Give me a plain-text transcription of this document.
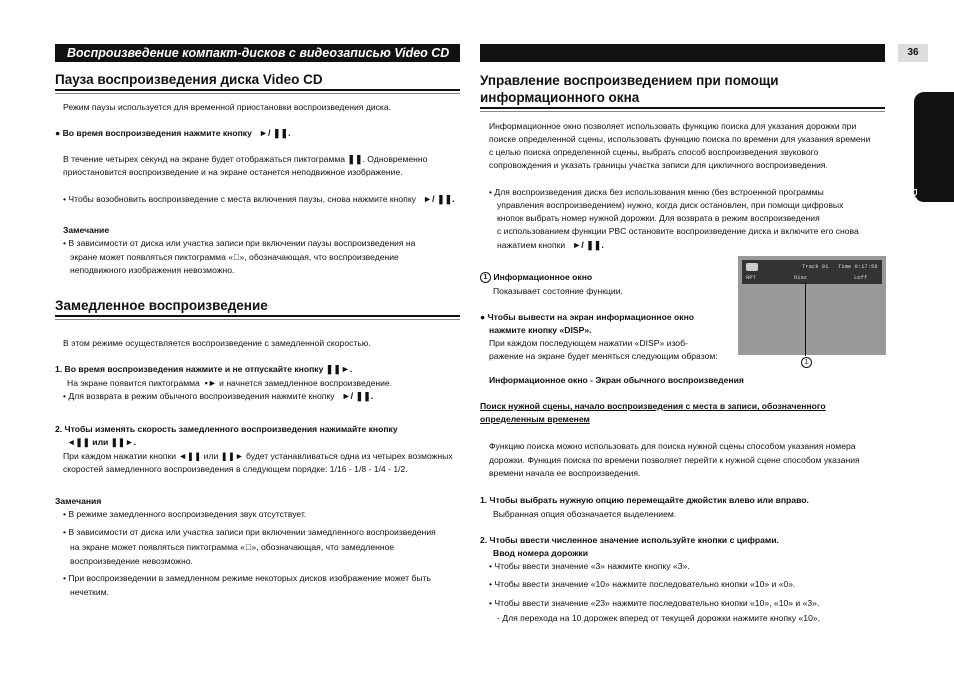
Воспроизведение компакт-дисков с видеозаписью Video CD	36
РУССКИЙ
Пауза воспроизведения диска Video CD
Режим паузы используется для временной приостановки воспроизведения диска.
● Во время воспроизведения нажмите кнопку ►/ ❚❚.
В течение четырех секунд на экране будет отображаться пиктограмма ❚❚. Одновременно
приостановится воспроизведение и на экране останется неподвижное изображение.
• Чтобы возобновить воспроизведение с места включения паузы, снова нажмите кнопку ►/ ❚❚.
Замечание
• В зависимости от диска или участка записи при включении паузы воспроизведения на
экране может появляться пиктограмма «⃠», обозначающая, что воспроизведение
неподвижного изображения невозможно.
Замедленное воспроизведение
В этом режиме осуществляется воспроизведение с замедленной скоростью.
1. Во время воспроизведения нажмите и не отпускайте кнопку ❚❚►.
На экране появится пиктограмма ▪► и начнется замедленное воспроизведение.
• Для возврата в режим обычного воспроизведения нажмите кнопку ►/ ❚❚.
2. Чтобы изменять скорость замедленного воспроизведения нажимайте кнопку
◄❚❚ или ❚❚►.
При каждом нажатии кнопки ◄❚❚ или ❚❚► будет устанавливаться одна из четырех возможных
скоростей замедленного воспроизведения в следующем порядке: 1/16 - 1/8 - 1/4 - 1/2.
Замечания
• В режиме замедленного воспроизведения звук отсутствует.
• В зависимости от диска или участка записи при включении замедленного воспроизведения
на экране может появляться пиктограмма «⃠», обозначающая, что замедленное
воспроизведение невозможно.
• При воспроизведении в замедленном режиме некоторых дисков изображение может быть
нечетким.
Управление воспроизведением при помощи
информационного окна
Информационное окно позволяет использовать функцию поиска для указания дорожки при
поиске определенной сцены, использовать функцию поиска по времени для указания времени
с целью поиска определенной сцены, выбрать способ воспроизведения звукового
сопровождения и указать границы участка записи для цикличного воспроизведения.
• Для воспроизведения диска без использования меню (без встроенной программы
управления воспроизведением) нужно, когда диск остановлен, при помощи цифровых
кнопок выбрать номер нужной дорожки. Для возврата в режим воспроизведения
с использованием функции PBC остановите воспроизведение диска и включите его снова
нажатием кнопки ►/ ❚❚.
1 Информационное окно
Показывает состояние функции.
● Чтобы вывести на экран информационное окно
нажмите кнопку «DISP».
При каждом последующем нажатии «DISP» изоб-
ражение на экране будет меняться следующим образом:
Информационное окно - Экран обычного воспроизведения
Track 01 Time 0:17:56
RPT	Disc	Loff
1
Поиск нужной сцены, начало воспроизведения с места в записи, обозначенного
определенным временем
Функцию поиска можно использовать для поиска нужной сцены способом указания номера
дорожки. Функция поиска по времени позволяет перейти к нужной сцене способом указания
времени начала ее воспроизведения.
1. Чтобы выбрать нужную опцию перемещайте джойстик влево или вправо.
Выбранная опция обозначается выделением.
2. Чтобы ввести численное значение используйте кнопки с цифрами.
Ввод номера дорожки
• Чтобы ввести значение «3» нажмите кнопку «3».
• Чтобы ввести значение «10» нажмите последовательно кнопки «10» и «0».
• Чтобы ввести значение «23» нажмите последовательно кнопки «10», «10» и «3».
- Для перехода на 10 дорожек вперед от текущей дорожки нажмите кнопку «10».
